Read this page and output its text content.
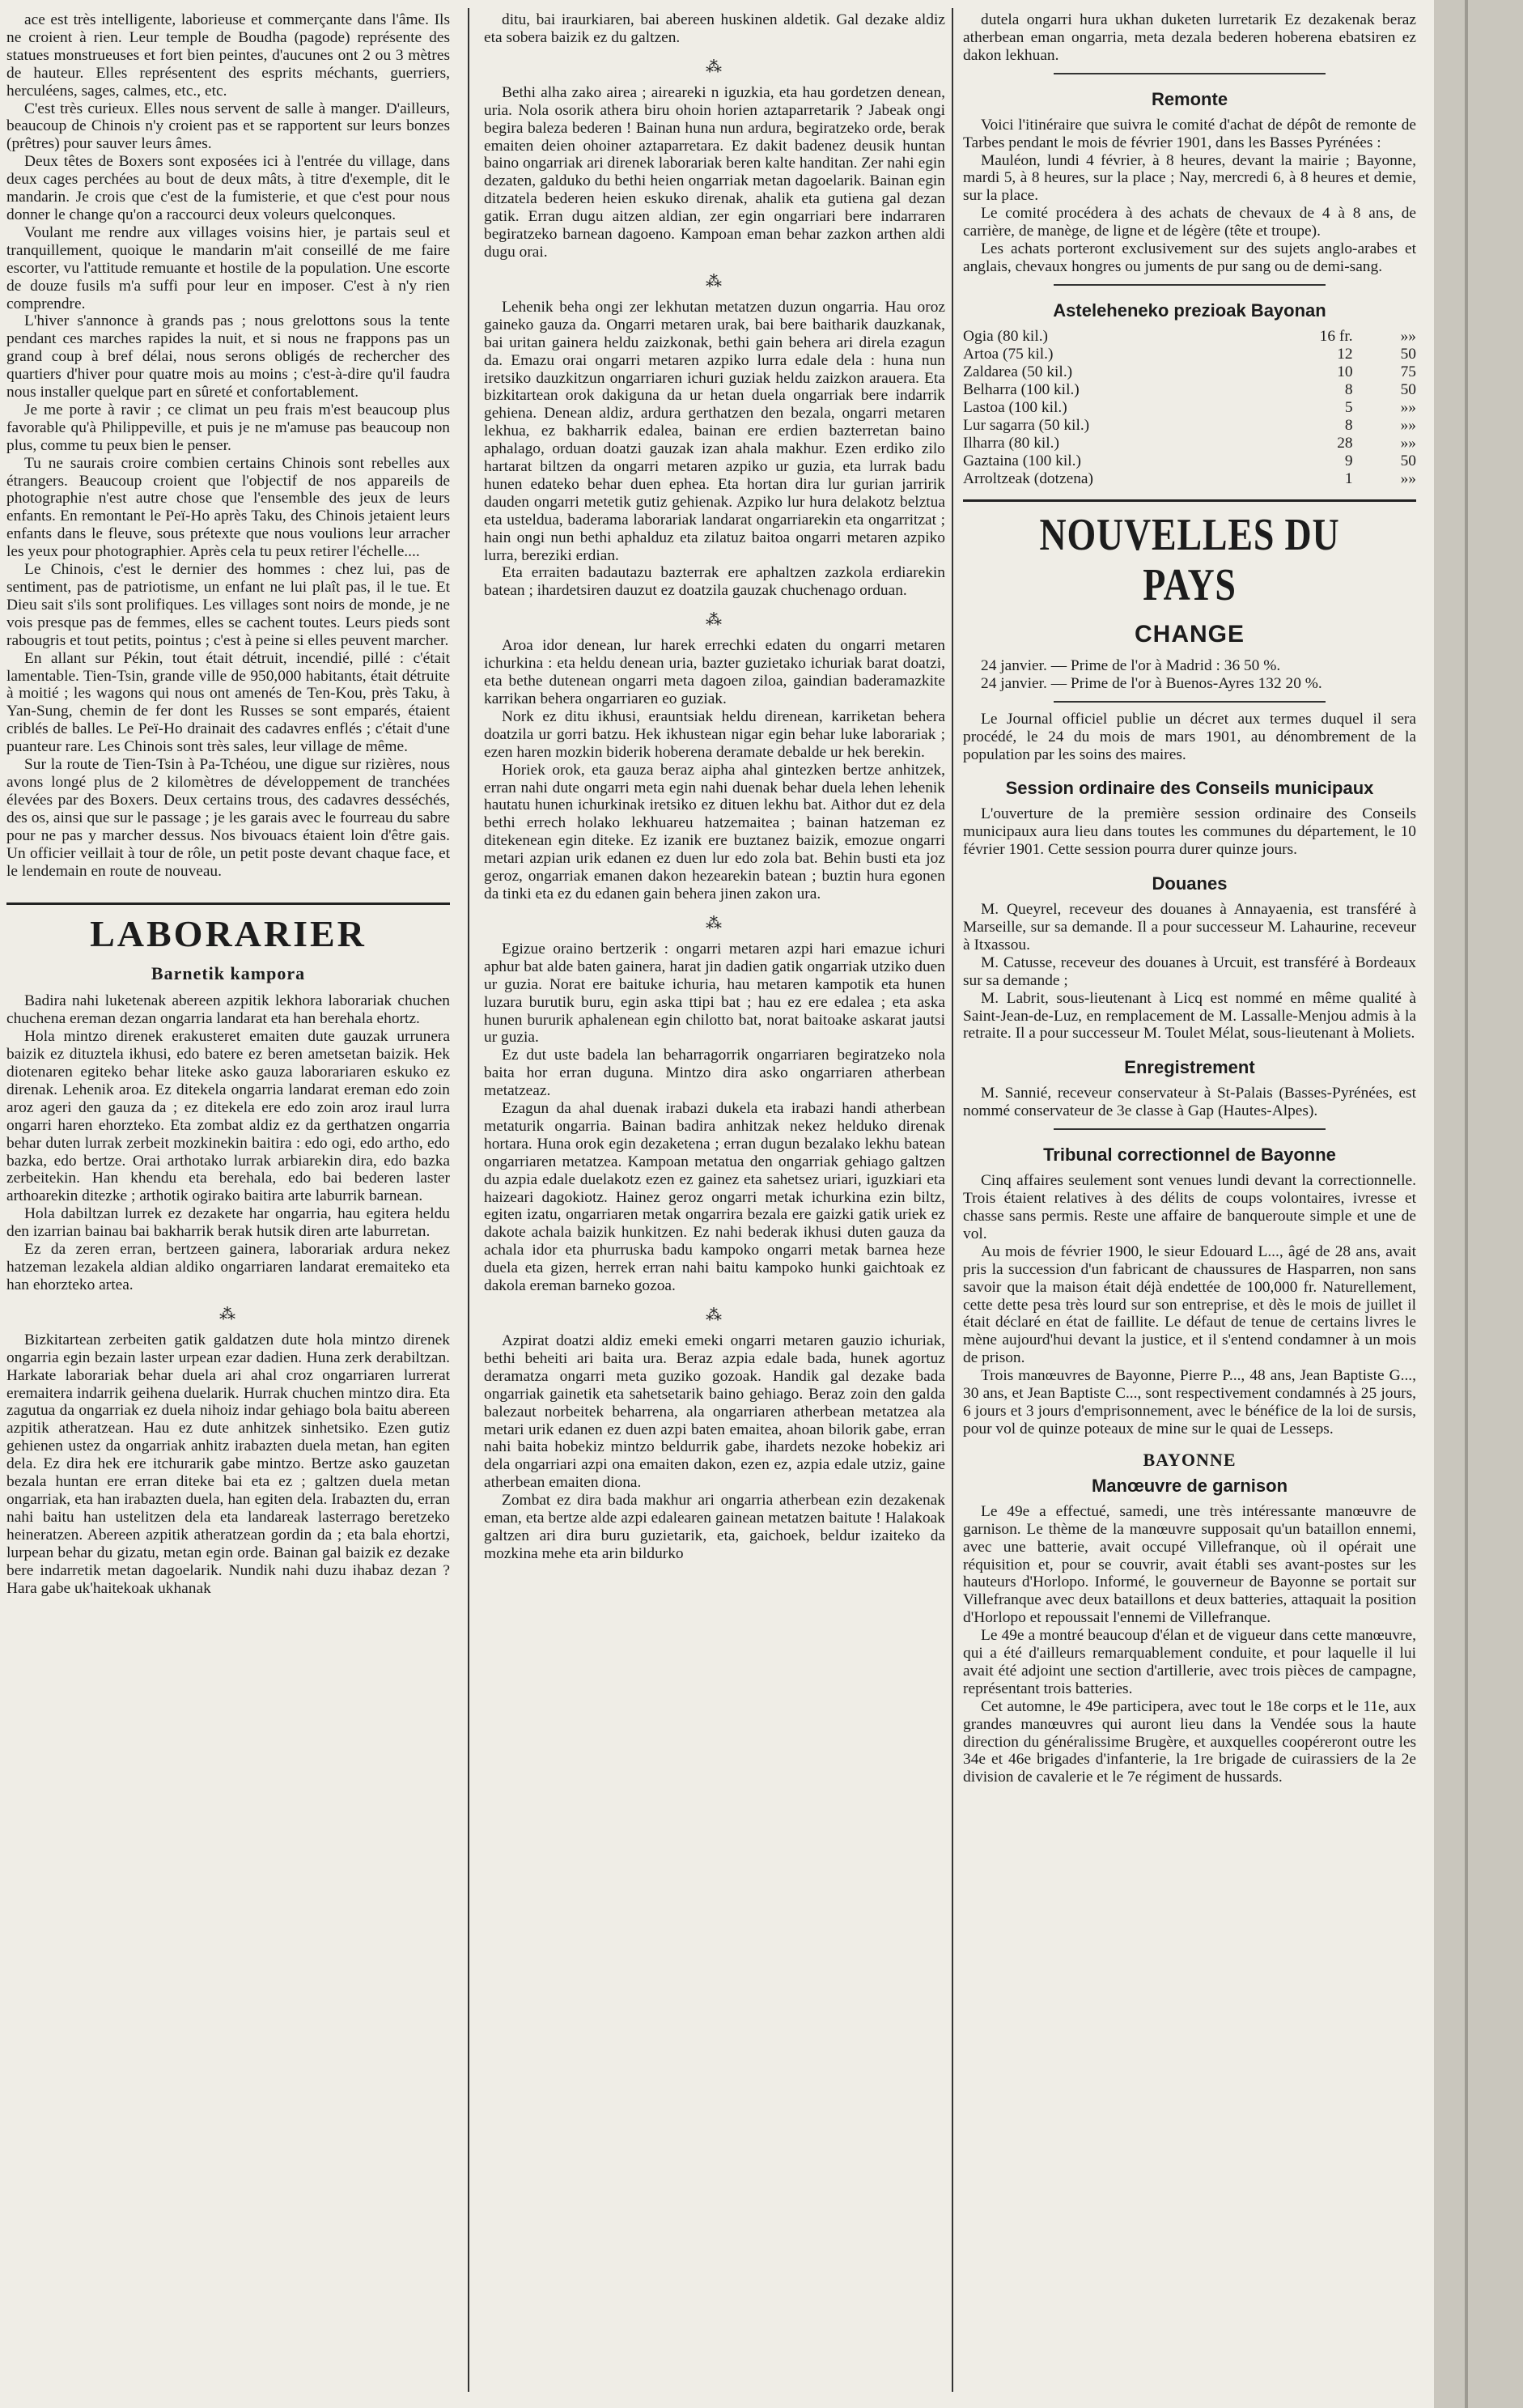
ace est très intelligente, laborieuse et commerçante dans l'âme. Ils ne croient à rien. Leur temple de Boudha (pagode) représente des statues monstrueuses et fort bien peintes, d'aucunes ont 2 ou 3 mètres de hauteur. Elles représentent des esprits méchants, guerriers, herculéens, sages, calmes, etc., etc.

C'est très curieux. Elles nous servent de salle à manger. D'ailleurs, beaucoup de Chinois n'y croient pas et se rapportent sur leurs bonzes (prêtres) pour sauver leurs âmes.

Deux têtes de Boxers sont exposées ici à l'entrée du village, dans deux cages perchées au bout de deux mâts, à titre d'exemple, dit le mandarin. Je crois que c'est de la fumisterie, et que c'est pour nous donner le change qu'on a raccourci deux voleurs quelconques.

Voulant me rendre aux villages voisins hier, je partais seul et tranquillement, quoique le mandarin m'ait conseillé de me faire escorter, vu l'attitude remuante et hostile de la population. Une escorte de douze fusils m'a suffi pour leur en imposer. C'est à n'y rien comprendre.

L'hiver s'annonce à grands pas ; nous grelottons sous la tente pendant ces marches rapides la nuit, et si nous ne frappons pas un grand coup à bref délai, nous serons obligés de rechercher des quartiers d'hiver pour quatre mois au moins ; c'est-à-dire qu'il faudra nous installer quelque part en sûreté et confortablement.

Je me porte à ravir ; ce climat un peu frais m'est beaucoup plus favorable qu'à Philippeville, et puis je ne m'amuse pas beaucoup non plus, comme tu peux bien le penser.

Tu ne saurais croire combien certains Chinois sont rebelles aux étrangers. Beaucoup croient que l'objectif de nos appareils de photographie n'est autre chose que l'ensemble des jeux de leurs enfants. En remontant le Peï-Ho après Taku, des Chinois jetaient leurs enfants dans le fleuve, sous prétexte que nous voulions leur arracher les yeux pour photographier. Après cela tu peux retirer l'échelle....

Le Chinois, c'est le dernier des hommes : chez lui, pas de sentiment, pas de patriotisme, un enfant ne lui plaît pas, il le tue. Et Dieu sait s'ils sont prolifiques. Les villages sont noirs de monde, je ne vois presque pas de femmes, elles se cachent toutes. Leurs pieds sont rabougris et tout petits, pointus ; c'est à peine si elles peuvent marcher.

En allant sur Pékin, tout était détruit, incendié, pillé : c'était lamentable. Tien-Tsin, grande ville de 950,000 habitants, était détruite à moitié ; les wagons qui nous ont amenés de Ten-Kou, près Taku, à Yan-Sung, chemin de fer dont les Russes se sont emparés, étaient criblés de balles. Le Peï-Ho drainait des cadavres enflés ; c'était d'une puanteur rare. Les Chinois sont très sales, leur village de même.

Sur la route de Tien-Tsin à Pa-Tchéou, une digue sur rizières, nous avons longé plus de 2 kilomètres de développement de tranchées élevées par des Boxers. Deux certains trous, des cadavres desséchés, des os, ainsi que sur le passage ; je les garais avec le fourreau du sabre pour ne pas y marcher dessus. Nos bivouacs étaient loin d'être gais. Un officier veillait à tour de rôle, un petit poste devant chaque face, et le lendemain en route de nouveau.

LABORARIER
Barnetik kampora

Badira nahi luketenak abereen azpitik lekhora laborariak chuchen chuchena ereman dezan ongarria landarat eta han berehala ehortz.

Hola mintzo direnek erakusteret emaiten dute gauzak urrunera baizik ez dituztela ikhusi, edo batere ez beren ametsetan baizik. Hek diotenaren egiteko behar liteke asko gauza laborariaren eskuko ez direnak. Lehenik aroa. Ez ditekela ongarria landarat ereman edo zoin aroz ageri den gauza da ; ez ditekela ere edo zoin aroz iraul lurra ongarri haren ehorzteko. Eta zombat aldiz ez da gerthatzen ongarria behar duten lurrak zerbeit mozkinekin baitira : edo ogi, edo artho, edo bazka, edo bertze. Orai arthotako lurrak arbiarekin dira, edo bazka zerbeitekin. Han khendu eta berehala, edo bai bederen laster arthoarekin ditezke ; arthotik ogirako baitira arte laburrik barnean.

Hola dabiltzan lurrek ez dezakete har ongarria, hau egitera heldu den izarrian bainau bai bakharrik berak hutsik diren arte laburretan.

Ez da zeren erran, bertzeen gainera, laborariak ardura nekez hatzeman lezakela aldian aldiko ongarriaren landarat eremaiteko eta han ehorzteko artea.

⁂

Bizkitartean zerbeiten gatik galdatzen dute hola mintzo direnek ongarria egin bezain laster urpean ezar dadien. Huna zerk derabiltzan. Harkate laborariak behar duela ari ahal croz ongarriaren lurrerat eremaitera indarrik geihena duelarik. Hurrak chuchen mintzo dira. Eta zagutua da ongarriak ez duela nihoiz indar gehiago bola baitu abereen azpitik atheratzean. Hau ez dute anhitzek sinhetsiko. Ezen gutiz gehienen ustez da ongarriak anhitz irabazten duela metan, han egiten dela. Ez dira hek ere itchurarik gabe mintzo. Bertze asko gauzetan bezala huntan ere erran diteke bai eta ez ; galtzen duela metan ongarriak, eta han irabazten duela, han egiten dela. Irabazten du, erran nahi baitu han ustelitzen dela eta landareak lasterrago beretzeko heineratzen. Abereen azpitik atheratzean gordin da ; eta bala ehortzi, lurpean behar du gizatu, metan egin orde. Bainan gal baizik ez dezake bere indarretik metan dagoelarik. Nundik nahi duzu ihabaz dezan ? Hara gabe uk'haitekoak ukhanak

ditu, bai iraurkiaren, bai abereen huskinen aldetik. Gal dezake aldiz eta sobera baizik ez du galtzen.

⁂

Bethi alha zako airea ; aireareki n iguzkia, eta hau gordetzen denean, uria. Nola osorik athera biru ohoin horien aztaparretarik ? Jabeak ongi begira baleza bederen ! Bainan huna nun ardura, begiratzeko orde, berak emaiten deien ohoiner aztaparretara. Ez dakit badenez deusik huntan baino ongarriak ari direnek laborariak beren kalte handitan. Zer nahi egin dezaten, galduko du bethi heien ongarriak metan dagoelarik. Bainan egin ditzatela bederen heien eskuko direnak, ahalik eta gutiena gal dezan gatik. Erran dugu aitzen aldian, zer egin ongarriari bere indarraren begiratzeko barnean dagoeno. Kampoan eman behar zazkon arthen aldi dugu orai.

⁂

Lehenik beha ongi zer lekhutan metatzen duzun ongarria. Hau oroz gaineko gauza da. Ongarri metaren urak, bai bere baitharik dauzkanak, bai uritan gainera heldu zaizkonak, bethi gain behera ari direla ezagun da. Emazu orai ongarri metaren azpiko lurra edale dela : huna nun iretsiko dauzkitzun ongarriaren ichuri guziak heldu zaizkon arauera. Eta bizkitartean orok dakiguna da ur hetan duela ongarriak bere indarrik gehiena. Denean aldiz, ardura gerthatzen den bezala, ongarri metaren lekhua, ez bakharrik edalea, bainan ere erdien bazterretan baino aphalago, orduan doatzi gauzak izan ahala makhur. Ezen erdiko zilo hartarat biltzen da ongarri metaren azpiko ur guzia, eta lurrak badu hunen edateko behar duen ephea. Eta hortan dira lur gurian jarririk dauden ongarri metetik gutiz gehienak. Azpiko lur hura delakotz belztua eta usteldua, baderama laborariak landarat ongarriarekin eta ongarritzat ; hain ongi nun bethi aphalduz eta zilatuz baitoa ongarri metaren azpiko lurra, bereziki erdian.

Eta erraiten badautazu bazterrak ere aphaltzen zazkola erdiarekin batean ; ihardetsiren dauzut ez doatzila gauzak chuchenago orduan.

⁂

Aroa idor denean, lur harek errechki edaten du ongarri metaren ichurkina : eta heldu denean uria, bazter guzietako ichuriak barat doatzi, eta bethe dutenean ongarri meta dagoen ziloa, gaindian baderamazkite karrikan behera ongarriaren eo guziak.

Nork ez ditu ikhusi, erauntsiak heldu direnean, karriketan behera doatzila ur gorri batzu. Hek ikhustean nigar egin behar luke laborariak ; ezen haren mozkin biderik hoberena deramate debalde ur hek berekin.

Horiek orok, eta gauza beraz aipha ahal gintezken bertze anhitzek, erran nahi dute ongarri meta egin nahi duenak behar duela lehen lehenik hautatu hunen ichurkinak iretsiko ez dituen lekhu bat. Aithor dut ez dela bethi errech holako lekhuareu hatzemaitea ; bainan hatzeman ez ditekenean egin diteke. Ez izanik ere buztanez baizik, emozue ongarri metari azpian urik edanen ez duen lur edo zola bat. Behin busti eta joz geroz, ongarriak emanen dakon hezearekin batean ; buztin hura egonen da tinki eta ez du edanen gain behera jinen zakon ura.

⁂

Egizue oraino bertzerik : ongarri metaren azpi hari emazue ichuri aphur bat alde baten gainera, harat jin dadien gatik ongarriak utziko duen ur guzia. Norat ere baituke ichuria, hau metaren kampotik eta hunen luzara burutik buru, egin aska ttipi bat ; hau ez ere edalea ; eta aska hunen bururik aphalenean egin chilotto bat, norat baitoake askarat jautsi ur guzia.

Ez dut uste badela lan beharragorrik ongarriaren begiratzeko nola baita hor erran duguna. Mintzo dira asko ongarriaren atherbean metatzeaz.

Ezagun da ahal duenak irabazi dukela eta irabazi handi atherbean metaturik ongarria. Bainan badira anhitzak nekez helduko direnak hortara. Huna orok egin dezaketena ; erran dugun bezalako lekhu batean ongarriaren metatzea. Kampoan metatua den ongarriak gehiago galtzen du azpia edale duelakotz ezen ez gainez eta sahetsez uriari, iguzkiari eta haizeari dagokiotz. Hainez geroz ongarri metak ichurkina ezin biltz, egiten izatu, ongarriaren metak ongarrira bezala ere gaizki gatik uriek ez dakote achala baizik hunkitzen. Ez nahi bederak ikhusi duten gauza da achala idor eta phurruska badu kampoko ongarri metak barnea heze duela eta gizen, herrek erran nahi baitu kampoko hunki gaichtoak ez dakola ereman barneko gozoa.

⁂

Azpirat doatzi aldiz emeki emeki ongarri metaren gauzio ichuriak, bethi beheiti ari baita ura. Beraz azpia edale bada, hunek agortuz deramatza ongarri meta guziko gozoak. Handik gal dezake bada ongarriak gainetik eta sahetsetarik baino gehiago. Beraz zoin den galda balezaut norbeitek beharrena, ala ongarriaren atherbean metatzea ala metari urik edanen ez duen azpi baten emaitea, ahoan bilorik gabe, erran nahi baita hobekiz mintzo beldurrik gabe, ihardets nezoke hobekiz ari dela ongarriari azpi ona emaiten dakon, ezen ez, azpia edale utziz, gaine atherbean emaiten diona.

Zombat ez dira bada makhur ari ongarria atherbean ezin dezakenak eman, eta bertze alde azpi edalearen gainean metatzen baitute ! Halakoak galtzen ari dira buru guzietarik, eta, gaichoek, beldur izaiteko da mozkina mehe eta arin bildurko

dutela ongarri hura ukhan duketen lurretarik Ez dezakenak beraz atherbean eman ongarria, meta dezala bederen hoberena ebatsiren ez dakon lekhuan.

Remonte

Voici l'itinéraire que suivra le comité d'achat de dépôt de remonte de Tarbes pendant le mois de février 1901, dans les Basses Pyrénées :

Mauléon, lundi 4 février, à 8 heures, devant la mairie ; Bayonne, mardi 5, à 8 heures, sur la place ; Nay, mercredi 6, à 8 heures et demie, sur la place.

Le comité procédera à des achats de chevaux de 4 à 8 ans, de carrière, de manège, de ligne et de légère (tête et troupe).

Les achats porteront exclusivement sur des sujets anglo-arabes et anglais, chevaux hongres ou juments de pur sang ou de demi-sang.

Asteleheneko prezioak Bayonan
Ogia (80 kil.)	16 fr.	»»
Artoa (75 kil.)	12	50
Zaldarea (50 kil.)	10	75
Belharra (100 kil.)	8	50
Lastoa (100 kil.)	5	»»
Lur sagarra (50 kil.)	8	»»
Ilharra (80 kil.)	28	»»
Gaztaina (100 kil.)	9	50
Arroltzeak (dotzena)	1	»»
NOUVELLES DU PAYS
CHANGE

24 janvier. — Prime de l'or à Madrid : 36 50 %.

24 janvier. — Prime de l'or à Buenos-Ayres 132 20 %.

Le Journal officiel publie un décret aux termes duquel il sera procédé, le 24 du mois de mars 1901, au dénombrement de la population par les soins des maires.

Session ordinaire des Conseils municipaux

L'ouverture de la première session ordinaire des Conseils municipaux aura lieu dans toutes les communes du département, le 10 février 1901. Cette session pourra durer quinze jours.

Douanes

M. Queyrel, receveur des douanes à Annayaenia, est transféré à Marseille, sur sa demande. Il a pour successeur M. Lahaurine, receveur à Itxassou.

M. Catusse, receveur des douanes à Urcuit, est transféré à Bordeaux sur sa demande ;

M. Labrit, sous-lieutenant à Licq est nommé en même qualité à Saint-Jean-de-Luz, en remplacement de M. Lassalle-Menjou admis à la retraite. Il a pour successeur M. Toulet Mélat, sous-lieutenant à Moliets.

Enregistrement

M. Sannié, receveur conservateur à St-Palais (Basses-Pyrénées, est nommé conservateur de 3e classe à Gap (Hautes-Alpes).

Tribunal correctionnel de Bayonne

Cinq affaires seulement sont venues lundi devant la correctionnelle. Trois étaient relatives à des délits de coups volontaires, ivresse et chasse sans permis. Reste une affaire de banqueroute simple et une de vol.

Au mois de février 1900, le sieur Edouard L..., âgé de 28 ans, avait pris la succession d'un fabricant de chaussures de Hasparren, non sans savoir que la maison était déjà endettée de 100,000 fr. Naturellement, cette dette pesa très lourd sur son entreprise, et dès le mois de juillet il était déclaré en état de faillite. Le défaut de tenue de certains livres le mène aujourd'hui devant la justice, et il s'entend condamner à un mois de prison.

Trois manœuvres de Bayonne, Pierre P..., 48 ans, Jean Baptiste G..., 30 ans, et Jean Baptiste C..., sont respectivement condamnés à 25 jours, 6 jours et 3 jours d'emprisonnement, avec le bénéfice de la loi de sursis, pour vol de quinze poteaux de mine sur le quai de Lesseps.

BAYONNE
Manœuvre de garnison

Le 49e a effectué, samedi, une très intéressante manœuvre de garnison. Le thème de la manœuvre supposait qu'un bataillon ennemi, avec une batterie, avait occupé Villefranque, où il opérait une réquisition et, pour se couvrir, avait établi ses avant-postes sur les hauteurs d'Horlopo. Informé, le gouverneur de Bayonne se portait sur Villefranque avec deux bataillons et deux batteries, attaquait la position d'Horlopo et repoussait l'ennemi de Villefranque.

Le 49e a montré beaucoup d'élan et de vigueur dans cette manœuvre, qui a été d'ailleurs remarquablement conduite, et pour laquelle il lui avait été adjoint une section d'artillerie, avec trois pièces de campagne, représentant trois batteries.

Cet automne, le 49e participera, avec tout le 18e corps et le 11e, aux grandes manœuvres qui auront lieu dans la Vendée sous la haute direction du généralissime Brugère, et auxquelles coopéreront outre les 34e et 46e brigades d'infanterie, la 1re brigade de cuirassiers de la 2e division de cavalerie et le 7e régiment de hussards.
